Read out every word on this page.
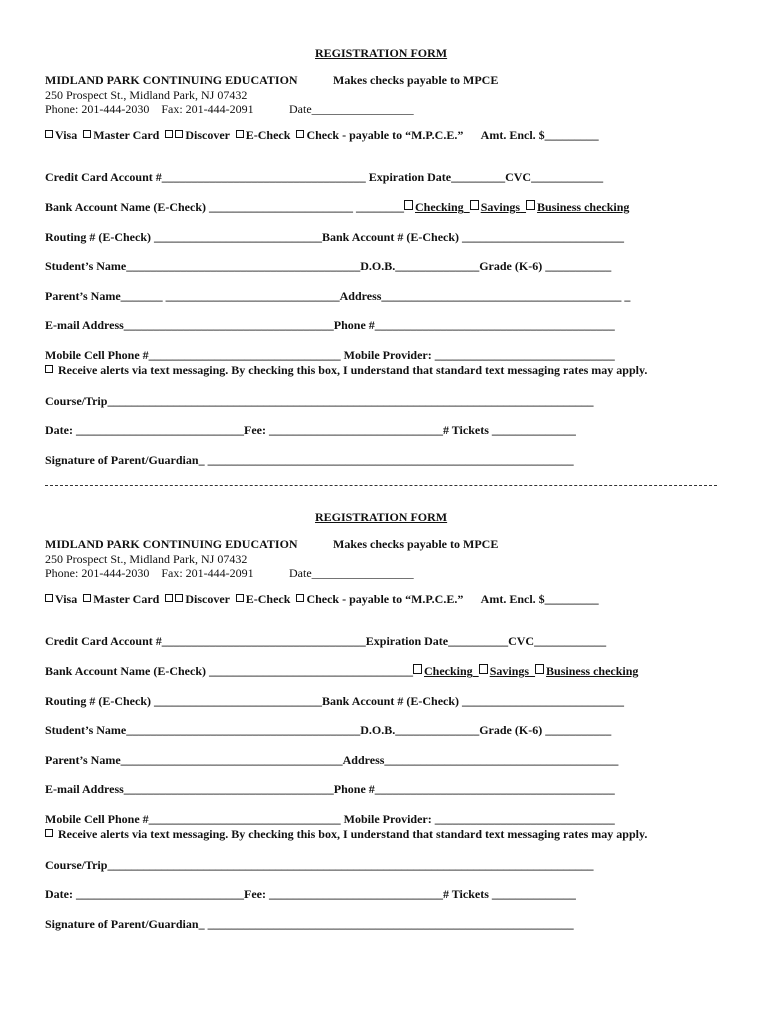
REGISTRATION FORM
MIDLAND PARK CONTINUING EDUCATION	Makes checks payable to MPCE
250 Prospect St., Midland Park, NJ 07432
Phone: 201-444-2030    Fax: 201-444-2091	Date_________________
Visa Master Card Discover E-Check Check - payable to “M.P.C.E.” Amt. Encl. $_________
Credit Card Account #__________________________________ Expiration Date_________CVC____________
Bank Account Name (E-Check) ________________________ ________ Checking Savings Business checking
Routing # (E-Check) ____________________________Bank Account # (E-Check) ___________________________
Student’s Name_______________________________________D.O.B.______________Grade (K-6) ___________
Parent’s Name_______ _____________________________Address________________________________________ _
E-mail Address___________________________________Phone #________________________________________
Mobile Cell Phone #________________________________ Mobile Provider: ______________________________
Receive alerts via text messaging. By checking this box, I understand that standard text messaging rates may apply.
Course/Trip_________________________________________________________________________________
Date: ____________________________Fee: _____________________________# Tickets ______________
Signature of Parent/Guardian_ _____________________________________________________________
REGISTRATION FORM
MIDLAND PARK CONTINUING EDUCATION	Makes checks payable to MPCE
250 Prospect St., Midland Park, NJ 07432
Phone: 201-444-2030    Fax: 201-444-2091	Date_________________
Visa Master Card Discover E-Check Check - payable to “M.P.C.E.” Amt. Encl. $_________
Credit Card Account #__________________________________Expiration Date__________CVC____________
Bank Account Name (E-Check) __________________________________ Checking Savings Business checking
Routing # (E-Check) ____________________________Bank Account # (E-Check) ___________________________
Student’s Name_______________________________________D.O.B.______________Grade (K-6) ___________
Parent’s Name_____________________________________Address_______________________________________
E-mail Address___________________________________Phone #________________________________________
Mobile Cell Phone #________________________________ Mobile Provider: ______________________________
Receive alerts via text messaging. By checking this box, I understand that standard text messaging rates may apply.
Course/Trip_________________________________________________________________________________
Date: ____________________________Fee: _____________________________# Tickets ______________
Signature of Parent/Guardian_ _____________________________________________________________
